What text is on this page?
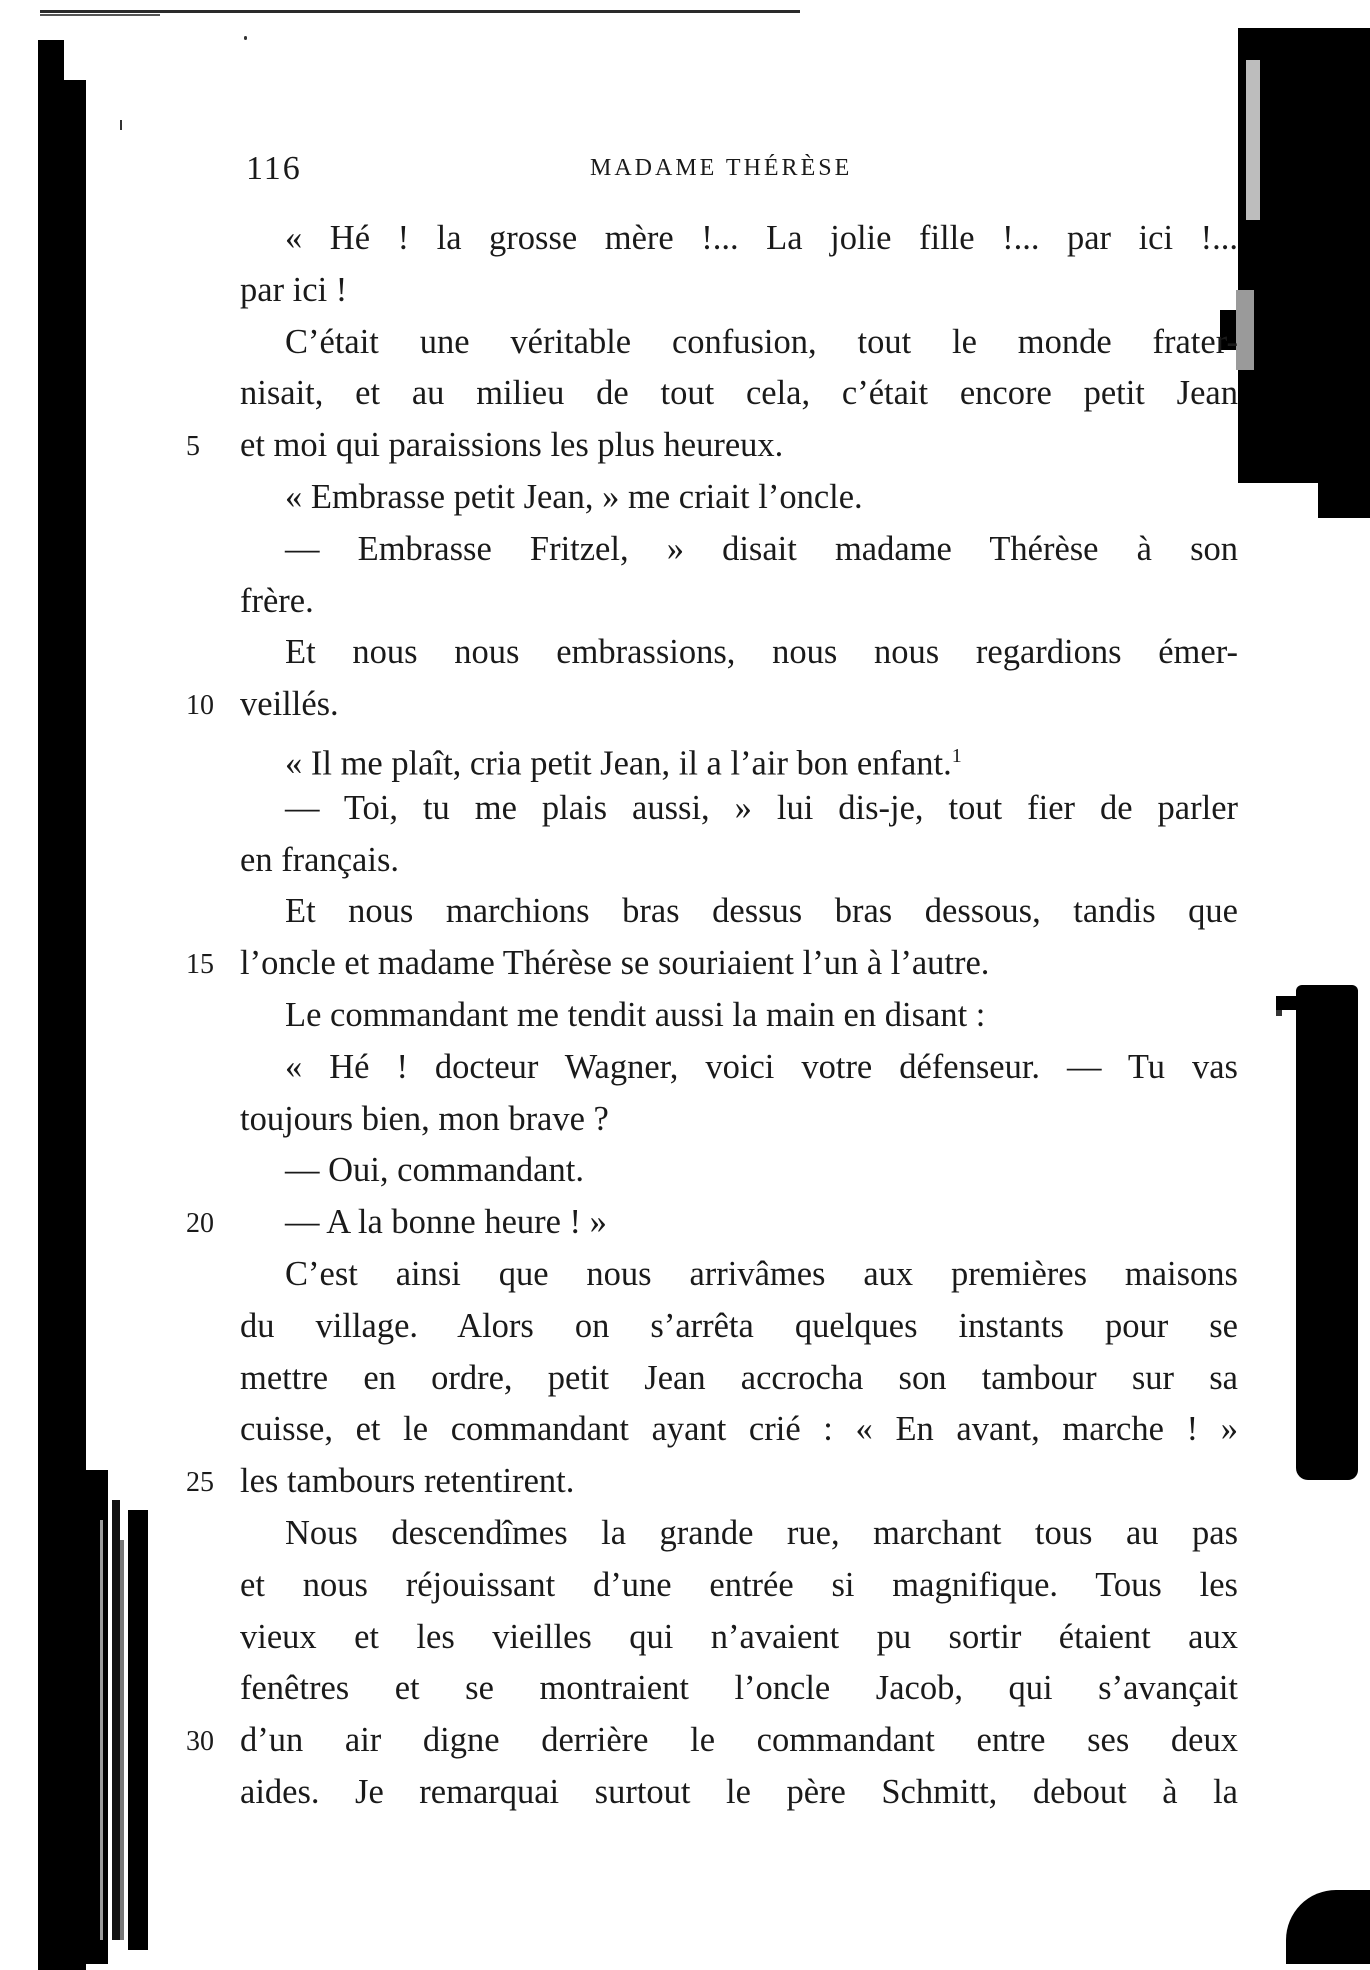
116	MADAME THÉRÈSE
« Hé ! la grosse mère !... La jolie fille !... par ici !...
par ici !
C’était une véritable confusion, tout le monde frater-
nisait, et au milieu de tout cela, c’était encore petit Jean
et moi qui paraissions les plus heureux.
5
« Embrasse petit Jean, » me criait l’oncle.
— Embrasse Fritzel, » disait madame Thérèse à son
frère.
Et nous nous embrassions, nous nous regardions émer-
veillés.
10
« Il me plaît, cria petit Jean, il a l’air bon enfant.$^1$
— Toi, tu me plais aussi, » lui dis-je, tout fier de parler
en français.
Et nous marchions bras dessus bras dessous, tandis que
l’oncle et madame Thérèse se souriaient l’un à l’autre.
15
Le commandant me tendit aussi la main en disant :
« Hé ! docteur Wagner, voici votre défenseur. — Tu vas
toujours bien, mon brave ?
— Oui, commandant.
— A la bonne heure ! »
20
C’est ainsi que nous arrivâmes aux premières maisons
du village. Alors on s’arrêta quelques instants pour se
mettre en ordre, petit Jean accrocha son tambour sur sa
cuisse, et le commandant ayant crié : « En avant, marche ! »
les tambours retentirent.
25
Nous descendîmes la grande rue, marchant tous au pas
et nous réjouissant d’une entrée si magnifique. Tous les
vieux et les vieilles qui n’avaient pu sortir étaient aux
fenêtres et se montraient l’oncle Jacob, qui s’avançait
d’un air digne derrière le commandant entre ses deux
30
aides. Je remarquai surtout le père Schmitt, debout à la
